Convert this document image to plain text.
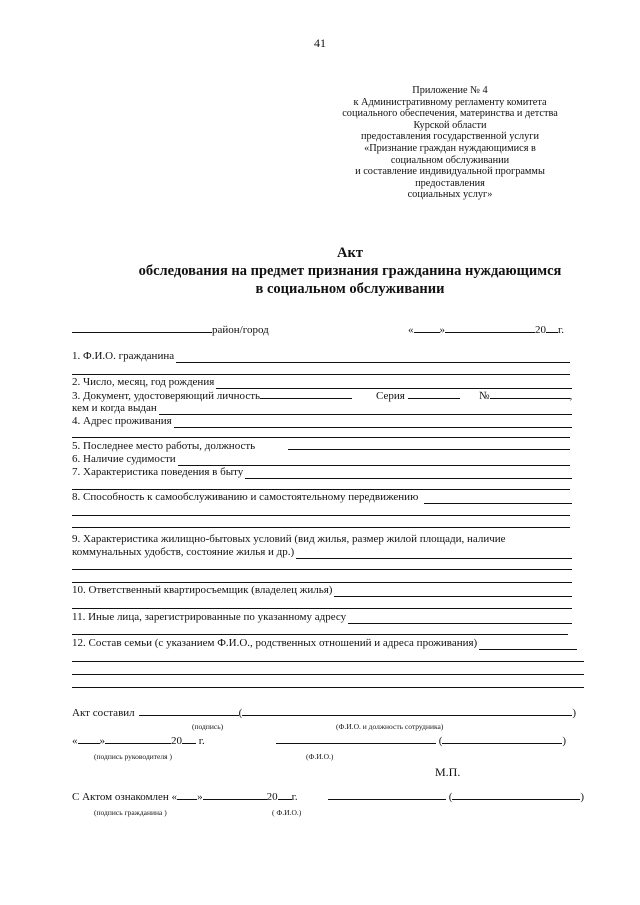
41
Приложение № 4
к Административному регламенту комитета
социального обеспечения, материнства и детства
Курской области
предоставления государственной услуги
«Признание граждан нуждающимися в
социальном обслуживании
и составление индивидуальной программы
предоставления
социальных услуг»
Акт
обследования на предмет признания гражданина нуждающимся
в социальном обслуживании
район/город	« »	20 г.
1. Ф.И.О. гражданина
2. Число, месяц, год рождения
3. Документ, удостоверяющий личность	Серия	№	,
кем и когда выдан
4. Адрес проживания
5. Последнее место работы, должность
6. Наличие судимости
7. Характеристика поведения в быту
8. Способность к самообслуживанию и самостоятельному передвижению
9. Характеристика жилищно-бытовых условий (вид жилья, размер жилой площади, наличие
коммунальных удобств, состояние жилья и др.)
10. Ответственный квартиросъемщик (владелец жилья)
11. Иные лица, зарегистрированные по указанному адресу
12. Состав семьи (с указанием Ф.И.О., родственных отношений и адреса проживания)
Акт составил	(	)
(подпись)	(Ф.И.О. и должность сотрудника)
« »	20 г.	(	)
(подпись руководителя )	(Ф.И.О.)
М.П.
С Актом ознакомлен « »	20 г.	(	)
(подпись гражданина )	( Ф.И.О.)
